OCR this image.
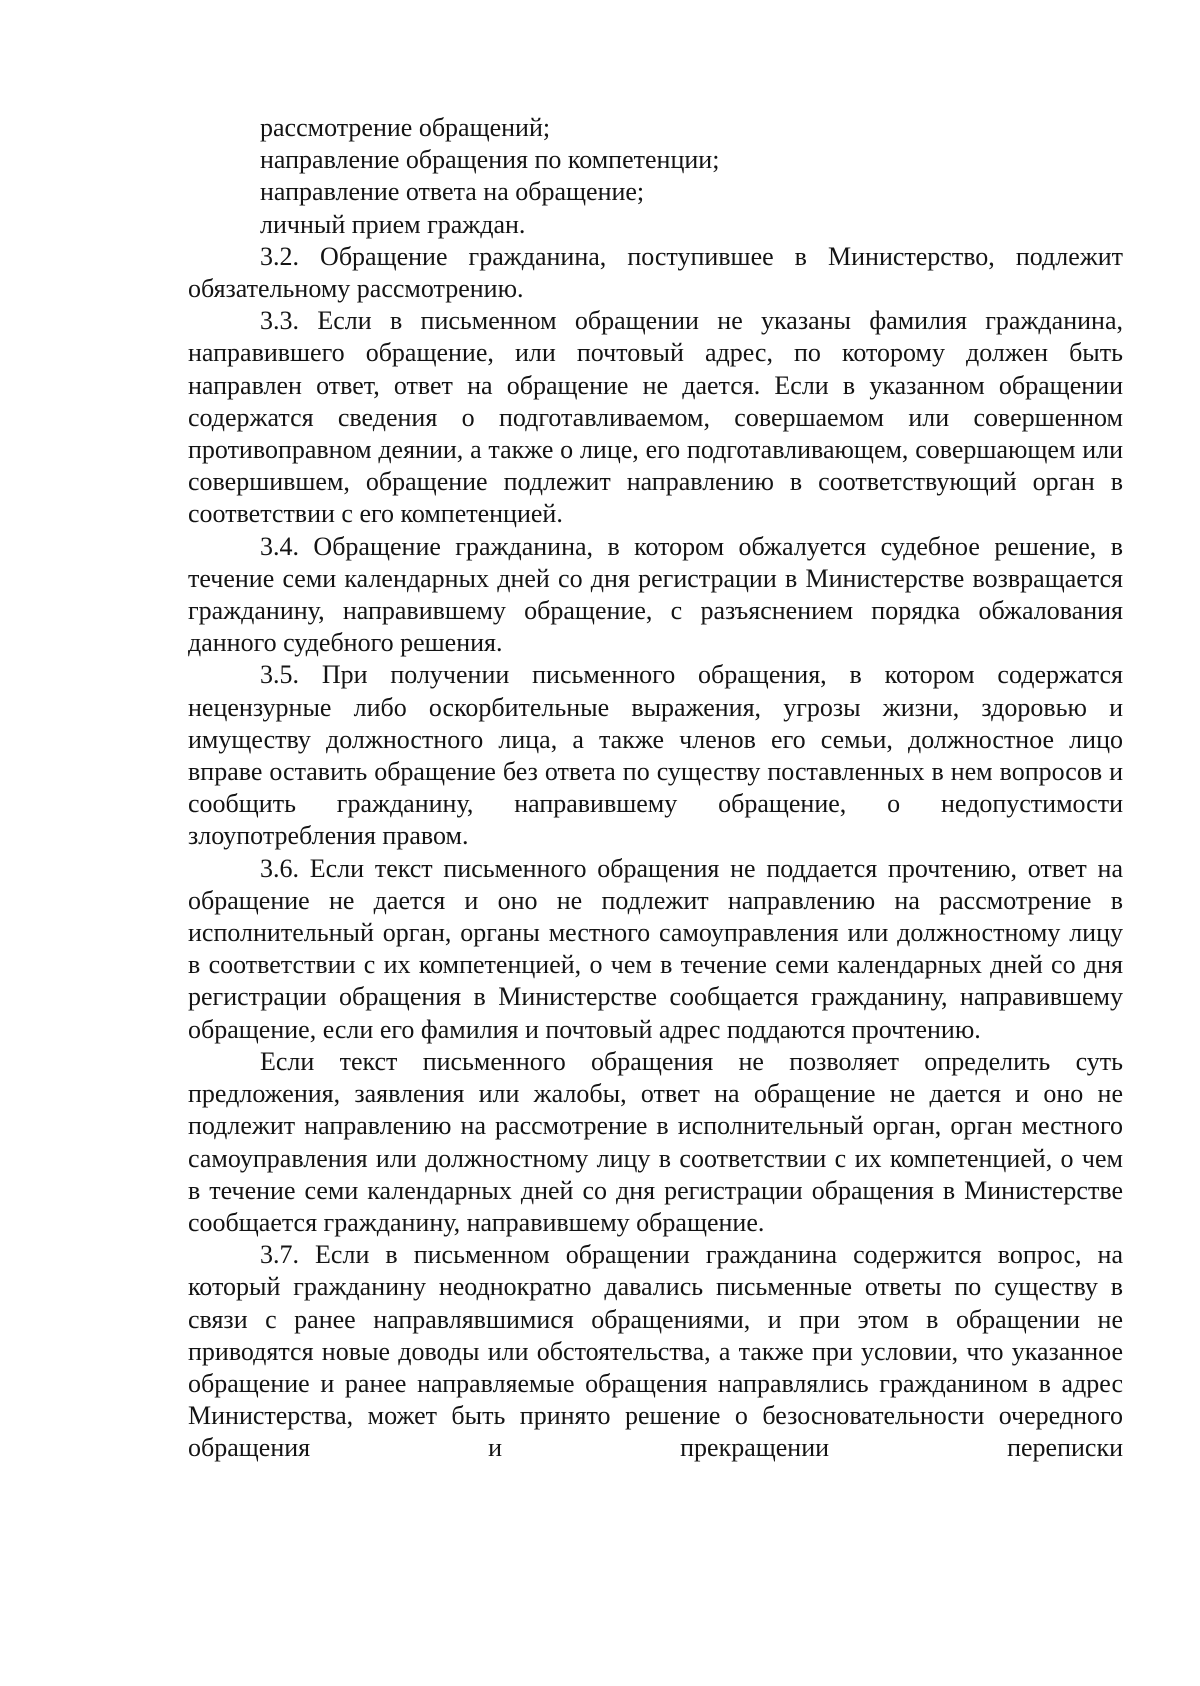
рассмотрение обращений;

направление обращения по компетенции;

направление ответа на обращение;

личный прием граждан.

3.2. Обращение гражданина, поступившее в Министерство, подлежит обязательному рассмотрению.

3.3. Если в письменном обращении не указаны фамилия гражданина, направившего обращение, или почтовый адрес, по которому должен быть направлен ответ, ответ на обращение не дается. Если в указанном обращении содержатся сведения о подготавливаемом, совершаемом или совершенном противоправном деянии, а также о лице, его подготавливающем, совершающем или совершившем, обращение подлежит направлению в соответствующий орган в соответствии с его компетенцией.

3.4. Обращение гражданина, в котором обжалуется судебное решение, в течение семи календарных дней со дня регистрации в Министерстве возвращается гражданину, направившему обращение, с разъяснением порядка обжалования данного судебного решения.

3.5. При получении письменного обращения, в котором содержатся нецензурные либо оскорбительные выражения, угрозы жизни, здоровью и имуществу должностного лица, а также членов его семьи, должностное лицо вправе оставить обращение без ответа по существу поставленных в нем вопросов и сообщить гражданину, направившему обращение, о недопустимости злоупотребления правом.

3.6. Если текст письменного обращения не поддается прочтению, ответ на обращение не дается и оно не подлежит направлению на рассмотрение в исполнительный орган, органы местного самоуправления или должностному лицу в соответствии с их компетенцией, о чем в течение семи календарных дней со дня регистрации обращения в Министерстве сообщается гражданину, направившему обращение, если его фамилия и почтовый адрес поддаются прочтению.

Если текст письменного обращения не позволяет определить суть предложения, заявления или жалобы, ответ на обращение не дается и оно не подлежит направлению на рассмотрение в исполнительный орган, орган местного самоуправления или должностному лицу в соответствии с их компетенцией, о чем в течение семи календарных дней со дня регистрации обращения в Министерстве сообщается гражданину, направившему обращение.

3.7. Если в письменном обращении гражданина содержится вопрос, на который гражданину неоднократно давались письменные ответы по существу в связи с ранее направлявшимися обращениями, и при этом в обращении не приводятся новые доводы или обстоятельства, а также при условии, что указанное обращение и ранее направляемые обращения направлялись гражданином в адрес Министерства, может быть принято решение о безосновательности очередного обращения и прекращении переписки
